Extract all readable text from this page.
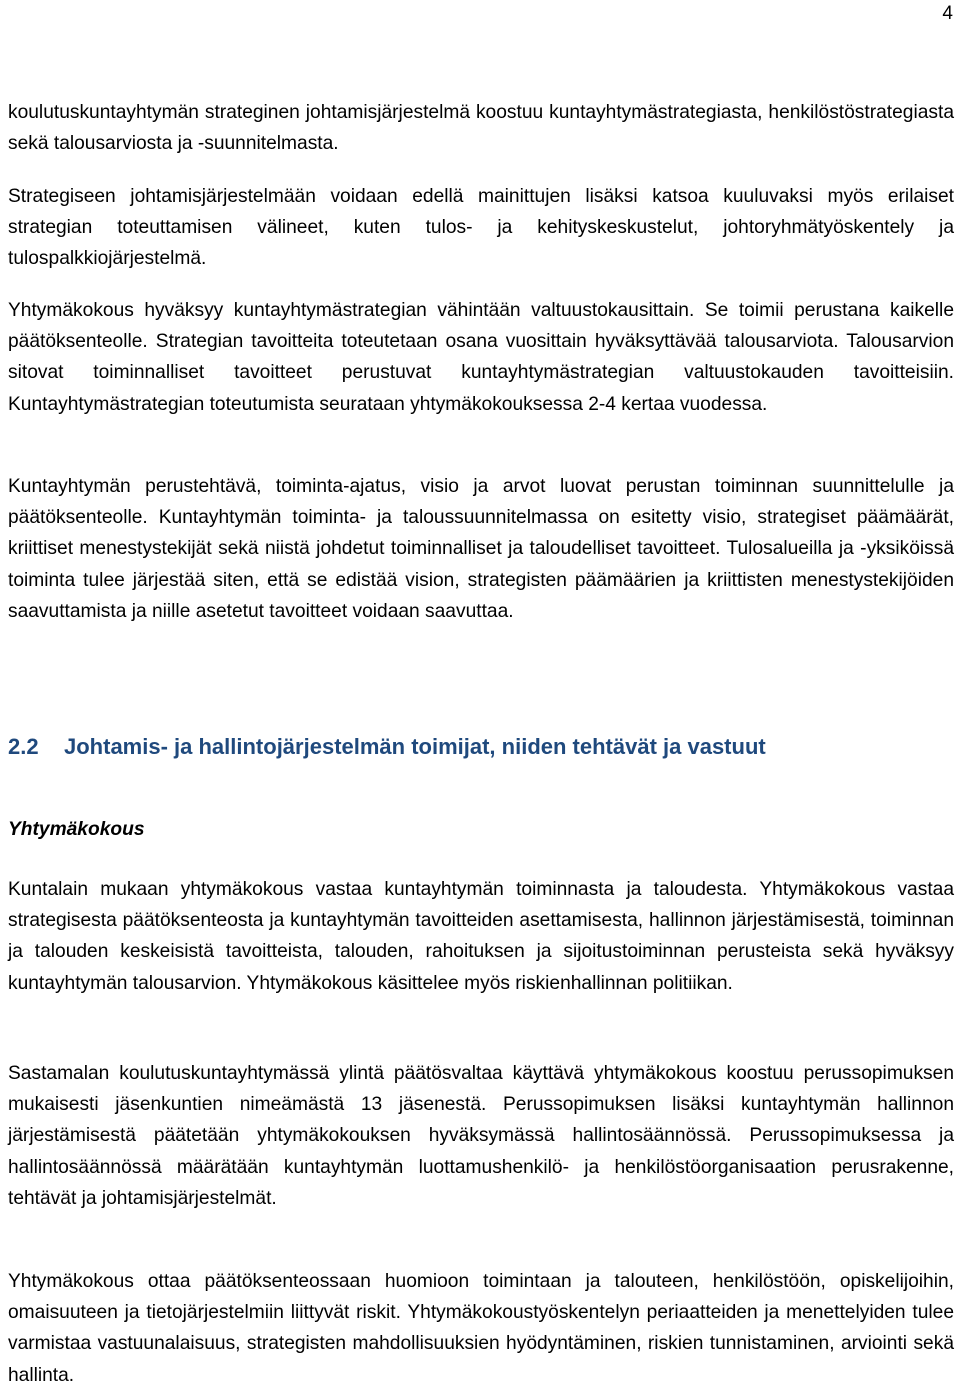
4

koulutuskuntayhtymän strateginen johtamisjärjestelmä koostuu kuntayhtymästrategiasta, henkilöstöstrategiasta sekä talousarviosta ja -suunnitelmasta.

Strategiseen johtamisjärjestelmään voidaan edellä mainittujen lisäksi katsoa kuuluvaksi myös erilaiset strategian toteuttamisen välineet, kuten tulos- ja kehityskeskustelut, johtoryhmätyöskentely ja tulospalkkiojärjestelmä.

Yhtymäkokous hyväksyy kuntayhtymästrategian vähintään valtuustokausittain. Se toimii perustana kaikelle päätöksenteolle. Strategian tavoitteita toteutetaan osana vuosittain hyväksyttävää talousarviota. Talousarvion sitovat toiminnalliset tavoitteet perustuvat kuntayhtymästrategian valtuustokauden tavoitteisiin. Kuntayhtymästrategian toteutumista seurataan yhtymäkokouksessa 2-4 kertaa vuodessa.

Kuntayhtymän perustehtävä, toiminta-ajatus, visio ja arvot luovat perustan toiminnan suunnittelulle ja päätöksenteolle. Kuntayhtymän toiminta- ja taloussuunnitelmassa on esitetty visio, strategiset päämäärät, kriittiset menestystekijät sekä niistä johdetut toiminnalliset ja taloudelliset tavoitteet. Tulosalueilla ja -yksiköissä toiminta tulee järjestää siten, että se edistää vision, strategisten päämäärien ja kriittisten menestystekijöiden saavuttamista ja niille asetetut tavoitteet voidaan saavuttaa.

2.2 Johtamis- ja hallintojärjestelmän toimijat, niiden tehtävät ja vastuut
Yhtymäkokous

Kuntalain mukaan yhtymäkokous vastaa kuntayhtymän toiminnasta ja taloudesta. Yhtymäkokous vastaa strategisesta päätöksenteosta ja kuntayhtymän tavoitteiden asettamisesta, hallinnon järjestämisestä, toiminnan ja talouden keskeisistä tavoitteista, talouden, rahoituksen ja sijoitustoiminnan perusteista sekä hyväksyy kuntayhtymän talousarvion. Yhtymäkokous käsittelee myös riskienhallinnan politiikan.

Sastamalan koulutuskuntayhtymässä ylintä päätösvaltaa käyttävä yhtymäkokous koostuu perussopimuksen mukaisesti jäsenkuntien nimeämästä 13 jäsenestä. Perussopimuksen lisäksi kuntayhtymän hallinnon järjestämisestä päätetään yhtymäkokouksen hyväksymässä hallintosäännössä. Perussopimuksessa ja hallintosäännössä määrätään kuntayhtymän luottamushenkilö- ja henkilöstöorganisaation perusrakenne, tehtävät ja johtamisjärjestelmät.

Yhtymäkokous ottaa päätöksenteossaan huomioon toimintaan ja talouteen, henkilöstöön, opiskelijoihin, omaisuuteen ja tietojärjestelmiin liittyvät riskit. Yhtymäkokoustyöskentelyn periaatteiden ja menettelyiden tulee varmistaa vastuunalaisuus, strategisten mahdollisuuksien hyödyntäminen, riskien tunnistaminen, arviointi sekä hallinta.
